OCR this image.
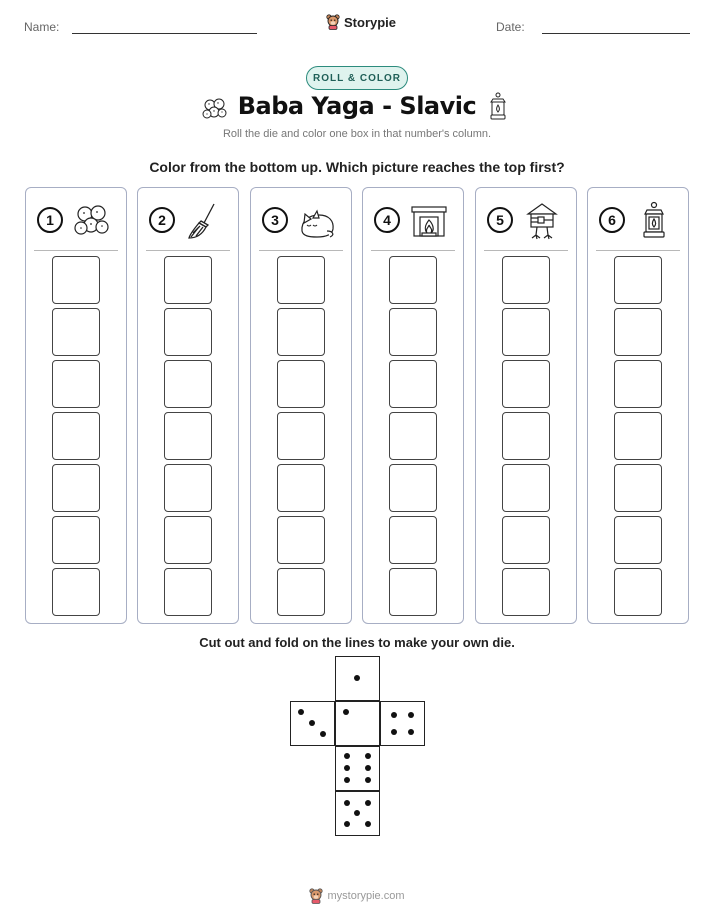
Name:	Storypie	Date:
ROLL & COLOR
Baba Yaga - Slavic
Roll the die and color one box in that number's column.
Color from the bottom up. Which picture reaches the top first?
1	2	3	4	5	6
Cut out and fold on the lines to make your own die.
mystorypie.com
